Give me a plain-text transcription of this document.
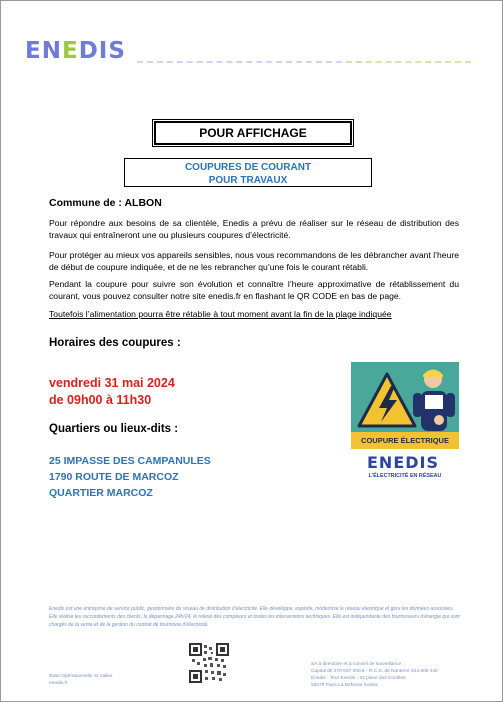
ENEDIS
POUR AFFICHAGE
COUPURES DE COURANT
POUR TRAVAUX
Commune de : ALBON
Pour répondre aux besoins de sa clientèle, Enedis a prévu de réaliser sur le réseau de distribution des travaux qui entraîneront une ou plusieurs coupures d’électricité.
Pour protéger au mieux vos appareils sensibles, nous vous recommandons de les débrancher avant l’heure de début de coupure indiquée, et de ne les rebrancher qu’une fois le courant rétabli.
Pendant la coupure pour suivre son évolution et connaître l’heure approximative de rétablissement du courant, vous pouvez consulter notre site enedis.fr en flashant le QR CODE en bas de page.
Toutefois l’alimentation pourra être rétablie à tout moment avant la fin de la plage indiquée
Horaires des coupures :
vendredi 31 mai 2024
de 09h00 à 11h30
Quartiers ou lieux-dits :
25 IMPASSE DES CAMPANULES
1790 ROUTE DE MARCOZ
QUARTIER MARCOZ
COUPURE ÉLECTRIQUE
ENEDIS
L’ÉLECTRICITÉ EN RÉSEAU
Enedis est une entreprise de service public, gestionnaire du réseau de distribution d’électricité. Elle développe, exploite, modernise le réseau électrique et gère les données associées. Elle réalise les raccordements des clients, le dépannage 24h/24, le relevé des compteurs et toutes les interventions techniques. Elle est indépendante des fournisseurs d’énergie qui sont chargés de la vente et de la gestion du contrat de fourniture d’électricité.
Base Opérationnelle St Vallier
enedis.fr
SA à directoire et à conseil de surveillance
Capital de 270 037 000 € - R.C.S. de Nanterre 444 608 442
Enedis - Tour Enedis - 34 place des Corolles
92079 Paris La Défense Cedex
